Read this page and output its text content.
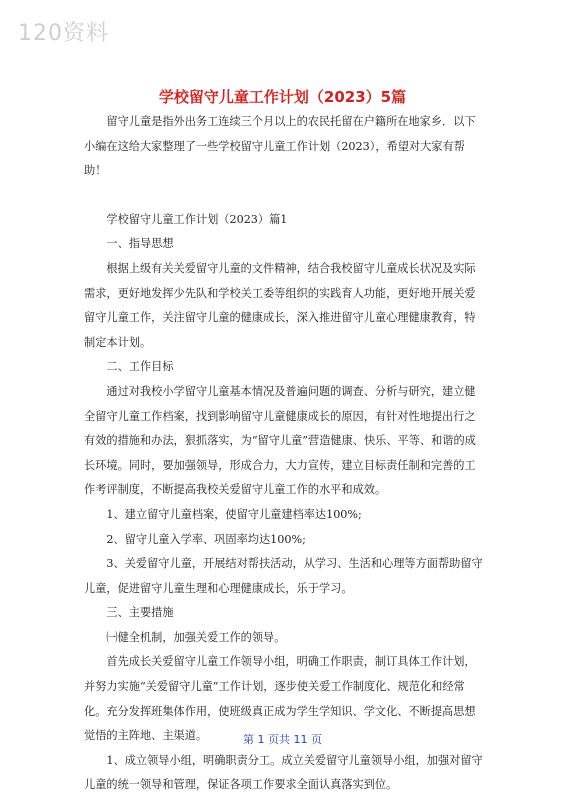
120资料
学校留守儿童工作计划（2023）5篇

留守儿童是指外出务工连续三个月以上的农民托留在户籍所在地家乡．以下小编在这给大家整理了一些学校留守儿童工作计划（2023），希望对大家有帮助！

学校留守儿童工作计划（2023）篇1

一、指导思想

根据上级有关关爱留守儿童的文件精神，结合我校留守儿童成长状况及实际需求，更好地发挥少先队和学校关工委等组织的实践育人功能，更好地开展关爱留守儿童工作，关注留守儿童的健康成长，深入推进留守儿童心理健康教育，特制定本计划。

二、工作目标

通过对我校小学留守儿童基本情况及普遍问题的调查、分析与研究，建立健全留守儿童工作档案，找到影响留守儿童健康成长的原因，有针对性地提出行之有效的措施和办法，狠抓落实，为“留守儿童”营造健康、快乐、平等、和谐的成长环境。同时，要加强领导，形成合力，大力宣传，建立目标责任制和完善的工作考评制度，不断提高我校关爱留守儿童工作的水平和成效。

1、建立留守儿童档案，使留守儿童建档率达100%;

2、留守儿童入学率、巩固率均达100%;

3、关爱留守儿童，开展结对帮扶活动，从学习、生活和心理等方面帮助留守儿童，促进留守儿童生理和心理健康成长，乐于学习。

三、主要措施

㈠健全机制，加强关爱工作的领导。

首先成长关爱留守儿童工作领导小组，明确工作职责，制订具体工作计划，并努力实施“关爱留守儿童”工作计划，逐步使关爱工作制度化、规范化和经常化。充分发挥班集体作用，使班级真正成为学生学知识、学文化、不断提高思想觉悟的主阵地、主渠道。

1、成立领导小组，明确职责分工。成立关爱留守儿童领导小组，加强对留守儿童的统一领导和管理，保证各项工作要求全面认真落实到位。

第 1 页共 11 页
